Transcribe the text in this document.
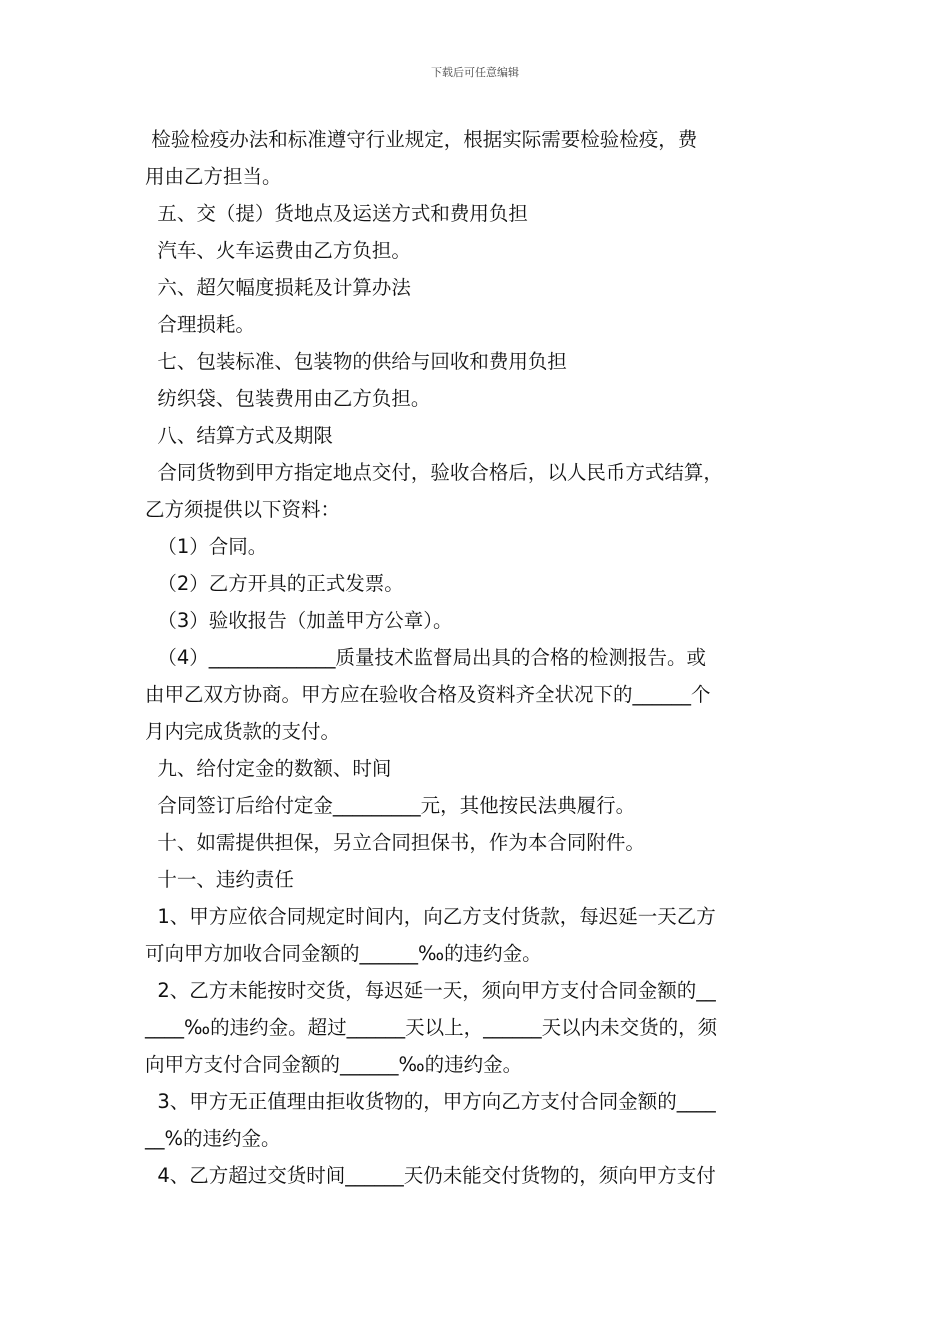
下载后可任意编辑
检验检疫办法和标准遵守行业规定，根据实际需要检验检疫，费
用由乙方担当。
五、交（提）货地点及运送方式和费用负担
汽车、火车运费由乙方负担。
六、超欠幅度损耗及计算办法
合理损耗。
七、包装标准、包装物的供给与回收和费用负担
纺织袋、包装费用由乙方负担。
八、结算方式及期限
合同货物到甲方指定地点交付，验收合格后，以人民币方式结算，
乙方须提供以下资料：
（1）合同。
（2）乙方开具的正式发票。
（3）验收报告（加盖甲方公章）。
（4）_____________质量技术监督局出具的合格的检测报告。或
由甲乙双方协商。甲方应在验收合格及资料齐全状况下的______个
月内完成货款的支付。
九、给付定金的数额、时间
合同签订后给付定金_________元，其他按民法典履行。
十、如需提供担保，另立合同担保书，作为本合同附件。
十一、违约责任
1、甲方应依合同规定时间内，向乙方支付货款，每迟延一天乙方
可向甲方加收合同金额的______‰的违约金。
2、乙方未能按时交货，每迟延一天，须向甲方支付合同金额的__
____‰的违约金。超过______天以上，______天以内未交货的，须
向甲方支付合同金额的______‰的违约金。
3、甲方无正值理由拒收货物的，甲方向乙方支付合同金额的____
__%的违约金。
4、乙方超过交货时间______天仍未能交付货物的，须向甲方支付
